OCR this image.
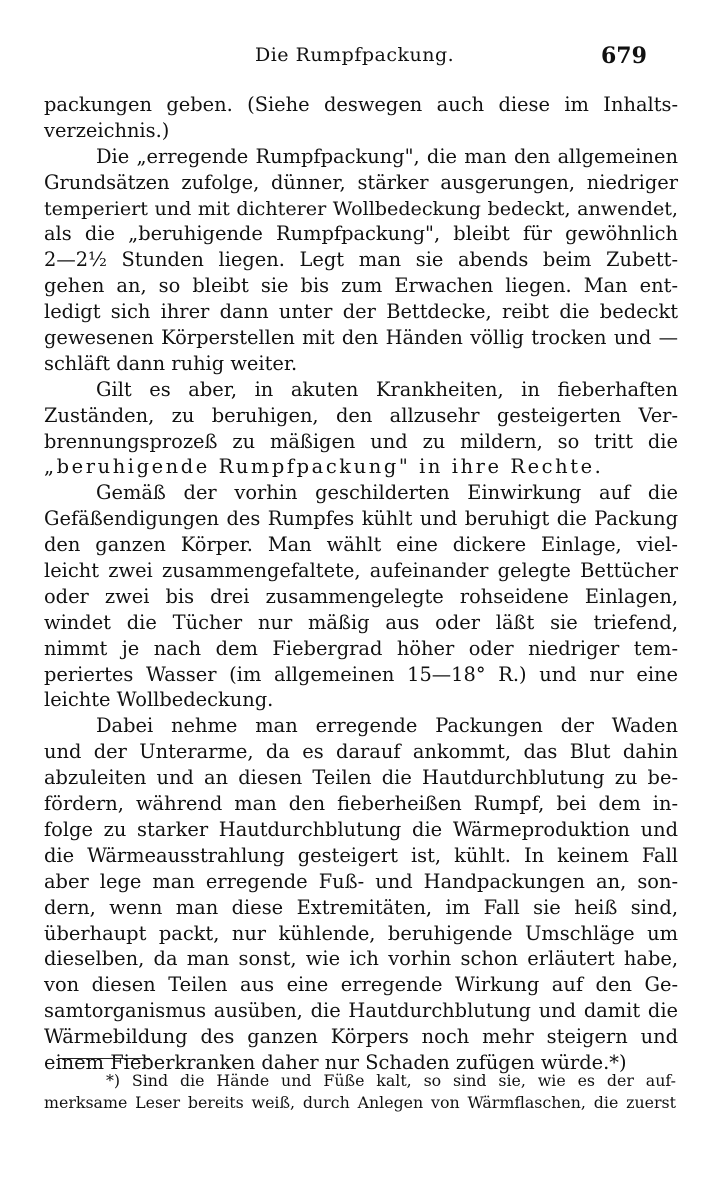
Die Rumpfpackung.	679
packungen geben. (Siehe deswegen auch diese im Inhalts-
verzeichnis.)
Die „erregende Rumpfpackung", die man den allgemeinen
Grundsätzen zufolge, dünner, stärker ausgerungen, niedriger
temperiert und mit dichterer Wollbedeckung bedeckt, anwendet,
als die „beruhigende Rumpfpackung", bleibt für gewöhnlich
2—2½ Stunden liegen. Legt man sie abends beim Zubett-
gehen an, so bleibt sie bis zum Erwachen liegen. Man ent-
ledigt sich ihrer dann unter der Bettdecke, reibt die bedeckt
gewesenen Körperstellen mit den Händen völlig trocken und —
schläft dann ruhig weiter.
Gilt es aber, in akuten Krankheiten, in fieberhaften
Zuständen, zu beruhigen, den allzusehr gesteigerten Ver-
brennungsprozeß zu mäßigen und zu mildern, so tritt die
„beruhigende Rumpfpackung" in ihre Rechte.
Gemäß der vorhin geschilderten Einwirkung auf die
Gefäßendigungen des Rumpfes kühlt und beruhigt die Packung
den ganzen Körper. Man wählt eine dickere Einlage, viel-
leicht zwei zusammengefaltete, aufeinander gelegte Bettücher
oder zwei bis drei zusammengelegte rohseidene Einlagen,
windet die Tücher nur mäßig aus oder läßt sie triefend,
nimmt je nach dem Fiebergrad höher oder niedriger tem-
periertes Wasser (im allgemeinen 15—18° R.) und nur eine
leichte Wollbedeckung.
Dabei nehme man erregende Packungen der Waden
und der Unterarme, da es darauf ankommt, das Blut dahin
abzuleiten und an diesen Teilen die Hautdurchblutung zu be-
fördern, während man den fieberheißen Rumpf, bei dem in-
folge zu starker Hautdurchblutung die Wärmeproduktion und
die Wärmeausstrahlung gesteigert ist, kühlt. In keinem Fall
aber lege man erregende Fuß- und Handpackungen an, son-
dern, wenn man diese Extremitäten, im Fall sie heiß sind,
überhaupt packt, nur kühlende, beruhigende Umschläge um
dieselben, da man sonst, wie ich vorhin schon erläutert habe,
von diesen Teilen aus eine erregende Wirkung auf den Ge-
samtorganismus ausüben, die Hautdurchblutung und damit die
Wärmebildung des ganzen Körpers noch mehr steigern und
einem Fieberkranken daher nur Schaden zufügen würde.*)
*) Sind die Hände und Füße kalt, so sind sie, wie es der auf-
merksame Leser bereits weiß, durch Anlegen von Wärmflaschen, die zuerst
